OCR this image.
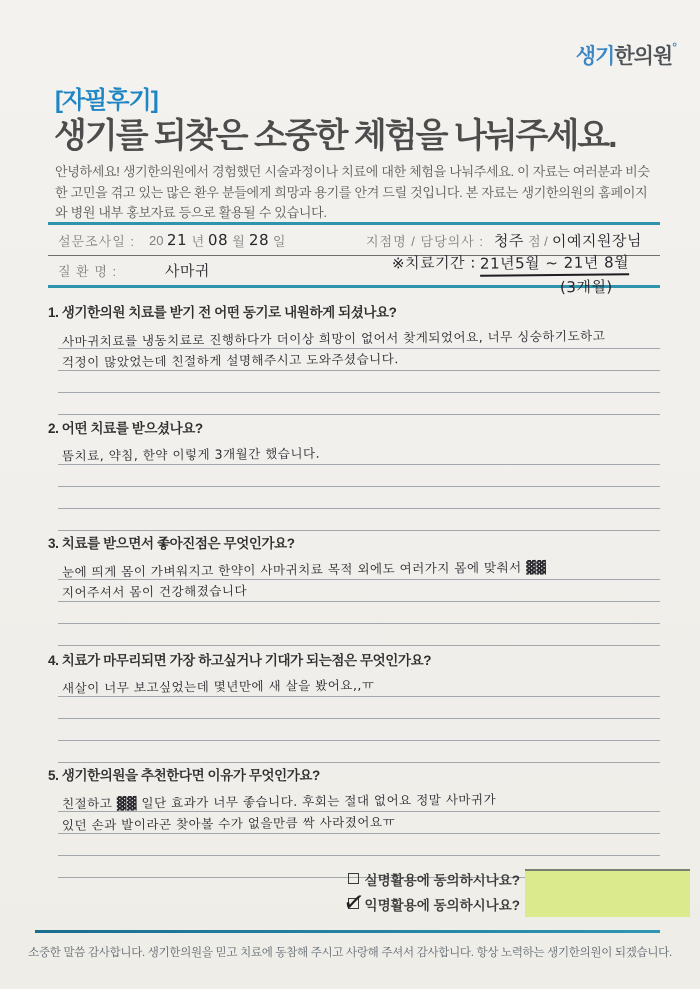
생기한의원°
[자필후기]
생기를 되찾은 소중한 체험을 나눠주세요.
안녕하세요! 생기한의원에서 경험했던 시술과정이나 치료에 대한 체험을 나눠주세요. 이 자료는 여러분과 비슷한 고민을 겪고 있는 많은 환우 분들에게 희망과 용기를 안겨 드릴 것입니다. 본 자료는 생기한의원의 홈페이지와 병원 내부 홍보자료 등으로 활용될 수 있습니다.
설문조사일 : 20 21 년 08 월 28 일	지점명 / 담당의사 : 청주 점 / 이예지원장님
질 환 명 :	사마귀	※치료기간 : 21년5월 ~ 21년 8월
(3개월)
1. 생기한의원 치료를 받기 전 어떤 동기로 내원하게 되셨나요?
사마귀치료를 냉동치료로 진행하다가 더이상 희망이 없어서 찾게되었어요, 너무 싱숭하기도하고
걱정이 많았었는데 친절하게 설명해주시고 도와주셨습니다.
2. 어떤 치료를 받으셨나요?
뜸치료, 약침, 한약 이렇게 3개월간 했습니다.
3. 치료를 받으면서 좋아진점은 무엇인가요?
눈에 띄게 몸이 가벼워지고 한약이 사마귀치료 목적 외에도 여러가지 몸에 맞춰서 ▓▓
지어주셔서 몸이 건강해졌습니다
4. 치료가 마무리되면 가장 하고싶거나 기대가 되는점은 무엇인가요?
새살이 너무 보고싶었는데 몇년만에 새 살을 봤어요,,ㅠ
5. 생기한의원을 추천한다면 이유가 무엇인가요?
친절하고 ▓▓ 일단 효과가 너무 좋습니다. 후회는 절대 없어요 정말 사마귀가
있던 손과 발이라곤 찾아볼 수가 없을만큼 싹 사라졌어요ㅠ
실명활용에 동의하시나요?
✓
익명활용에 동의하시나요?
소중한 말씀 감사합니다. 생기한의원을 믿고 치료에 동참해 주시고 사랑해 주셔서 감사합니다. 항상 노력하는 생기한의원이 되겠습니다.
